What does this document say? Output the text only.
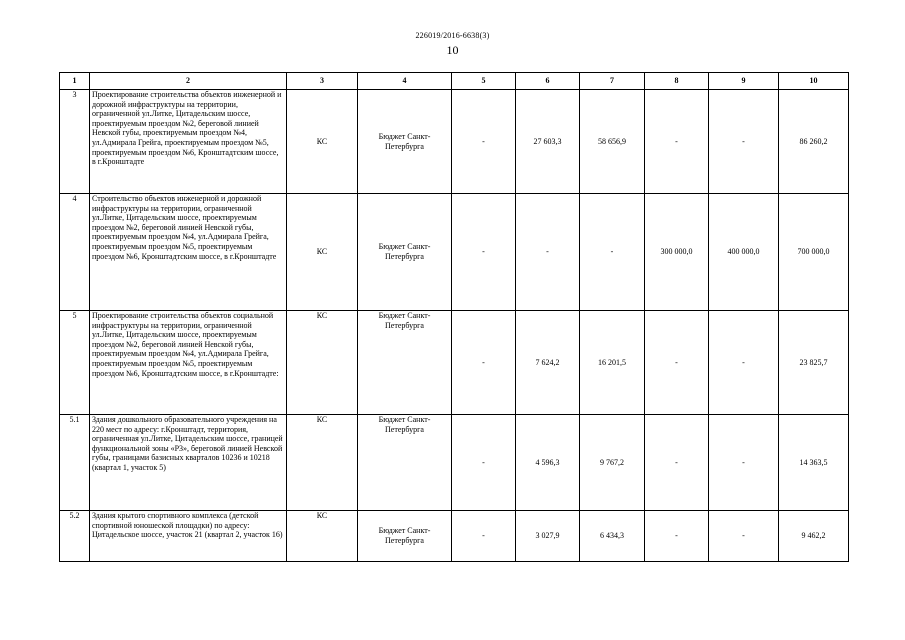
226019/2016-6638(3)
10
1	2	3	4	5	6	7	8	9	10
3	Проектирование строительства объектов инженерной и дорожной инфраструктуры на территории, ограниченной ул.Литке, Цитадельским шоссе, проектируемым проездом №2, береговой линией Невской губы, проектируемым проездом №4, ул.Адмирала Грейга, проектируемым проездом №5, проектируемым проездом №6, Кронштадтским шоссе, в г.Кронштадте	КС	Бюджет Санкт-Петербурга	-	27 603,3	58 656,9	-	-	86 260,2
4	Строительство объектов инженерной и дорожной инфраструктуры на территории, ограниченной ул.Литке, Цитадельским шоссе, проектируемым проездом №2, береговой линией Невской губы, проектируемым проездом №4, ул.Адмирала Грейга, проектируемым проездом №5, проектируемым проездом №6, Кронштадтским шоссе, в г.Кронштадте	КС	Бюджет Санкт-Петербурга	-	-	-	300 000,0	400 000,0	700 000,0
5	Проектирование строительства объектов социальной инфраструктуры на территории, ограниченной ул.Литке, Цитадельским шоссе, проектируемым проездом №2, береговой линией Невской губы, проектируемым проездом №4, ул.Адмирала Грейга, проектируемым проездом №5, проектируемым проездом №6, Кронштадтским шоссе, в г.Кронштадте:	КС	Бюджет Санкт-Петербурга	-	7 624,2	16 201,5	-	-	23 825,7
5.1	Здания дошкольного образовательного учреждения на 220 мест по адресу: г.Кронштадт, территория, ограниченная ул.Литке, Цитадельским шоссе, границей функциональной зоны «Р3», береговой линией Невской губы, границами базисных кварталов 10236 и 10218 (квартал 1, участок 5)	КС	Бюджет Санкт-Петербурга	-	4 596,3	9 767,2	-	-	14 363,5
5.2	Здания крытого спортивного комплекса (детской спортивной юношеской площадки) по адресу: Цитадельское шоссе, участок 21 (квартал 2, участок 16)	КС	Бюджет Санкт-Петербурга	-	3 027,9	6 434,3	-	-	9 462,2
